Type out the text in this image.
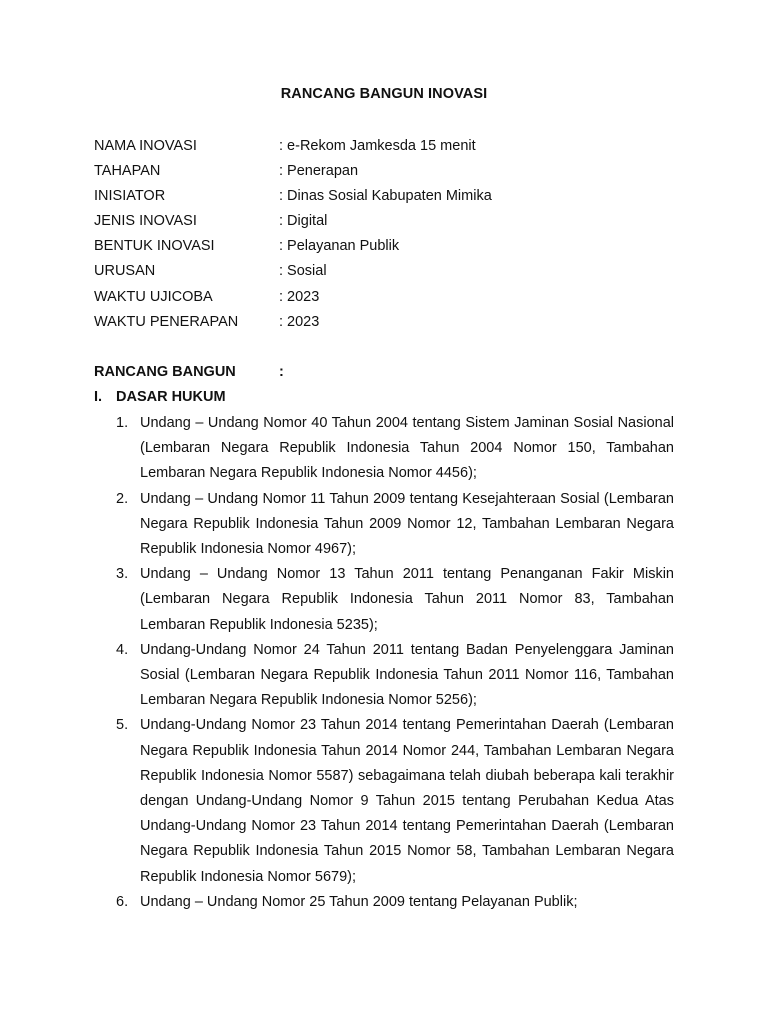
RANCANG BANGUN INOVASI
NAMA INOVASI	: e-Rekom Jamkesda 15 menit
TAHAPAN	: Penerapan
INISIATOR	: Dinas Sosial Kabupaten Mimika
JENIS INOVASI	: Digital
BENTUK INOVASI	: Pelayanan Publik
URUSAN	: Sosial
WAKTU UJICOBA	: 2023
WAKTU PENERAPAN	: 2023
RANCANG BANGUN	:
I. DASAR HUKUM
1. Undang – Undang Nomor 40 Tahun 2004 tentang Sistem Jaminan Sosial Nasional (Lembaran Negara Republik Indonesia Tahun 2004 Nomor 150, Tambahan Lembaran Negara Republik Indonesia Nomor 4456);
2. Undang – Undang Nomor 11 Tahun 2009 tentang Kesejahteraan Sosial (Lembaran Negara Republik Indonesia Tahun 2009 Nomor 12, Tambahan Lembaran Negara Republik Indonesia Nomor 4967);
3. Undang – Undang Nomor 13 Tahun 2011 tentang Penanganan Fakir Miskin (Lembaran Negara Republik Indonesia Tahun 2011 Nomor 83, Tambahan Lembaran Republik Indonesia 5235);
4. Undang-Undang Nomor 24 Tahun 2011 tentang Badan Penyelenggara Jaminan Sosial (Lembaran Negara Republik Indonesia Tahun 2011 Nomor 116, Tambahan Lembaran Negara Republik Indonesia Nomor 5256);
5. Undang-Undang Nomor 23 Tahun 2014 tentang Pemerintahan Daerah (Lembaran Negara Republik Indonesia Tahun 2014 Nomor 244, Tambahan Lembaran Negara Republik Indonesia Nomor 5587) sebagaimana telah diubah beberapa kali terakhir dengan Undang-Undang Nomor 9 Tahun 2015 tentang Perubahan Kedua Atas Undang-Undang Nomor 23 Tahun 2014 tentang Pemerintahan Daerah (Lembaran Negara Republik Indonesia Tahun 2015 Nomor 58, Tambahan Lembaran Negara Republik Indonesia Nomor 5679);
6. Undang – Undang Nomor 25 Tahun 2009 tentang Pelayanan Publik;
